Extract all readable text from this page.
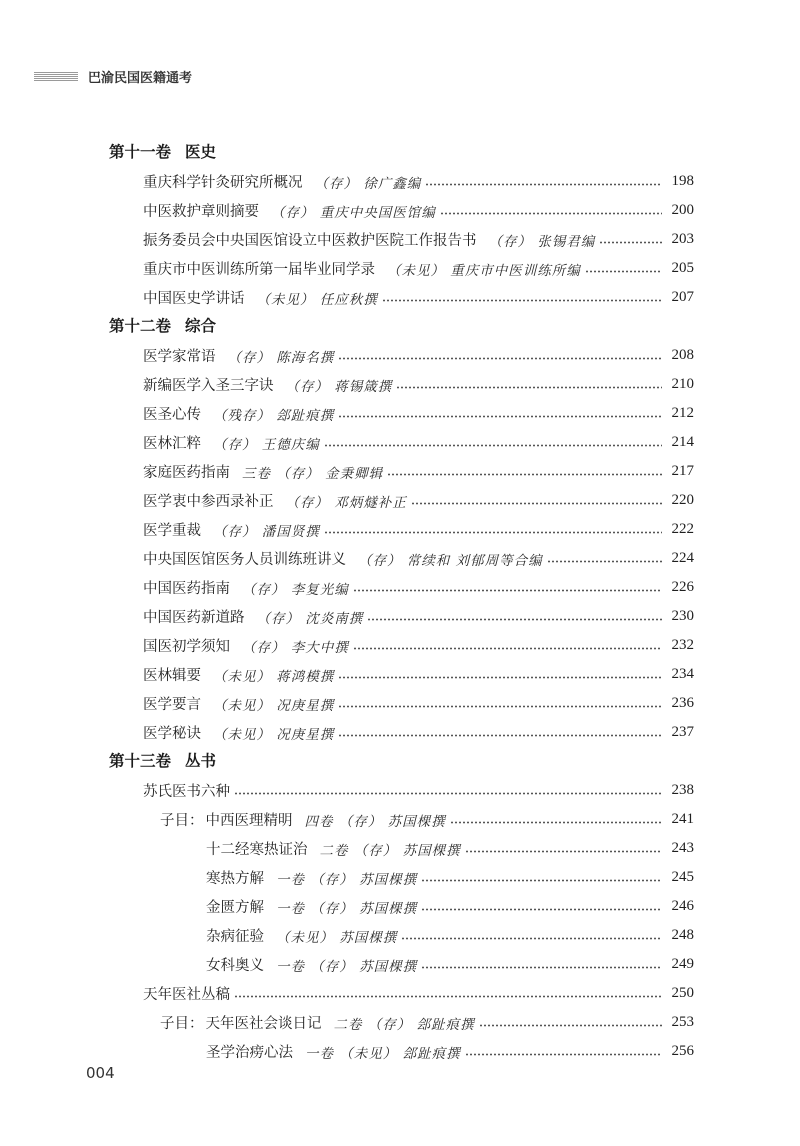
巴渝民国医籍通考
第十一卷 医史
重庆科学针灸研究所概况 （存） 徐广鑫编	198
中医救护章则摘要 （存） 重庆中央国医馆编	200
振务委员会中央国医馆设立中医救护医院工作报告书 （存） 张锡君编	203
重庆市中医训练所第一届毕业同学录 （未见） 重庆市中医训练所编	205
中国医史学讲话 （未见） 任应秋撰	207
第十二卷 综合
医学家常语 （存） 陈海名撰	208
新编医学入圣三字诀 （存） 蒋锡箴撰	210
医圣心传 （残存） 郐趾痕撰	212
医林汇粹 （存） 王德庆编	214
家庭医药指南 三卷 （存） 金秉卿辑	217
医学衷中参西录补正 （存） 邓炳燧补正	220
医学重裁 （存） 潘国贤撰	222
中央国医馆医务人员训练班讲义 （存） 常续和 刘郁周等合编	224
中国医药指南 （存） 李复光编	226
中国医药新道路 （存） 沈炎南撰	230
国医初学须知 （存） 李大中撰	232
医林辑要 （未见） 蒋鸿模撰	234
医学要言 （未见） 况庚星撰	236
医学秘诀 （未见） 况庚星撰	237
第十三卷 丛书
苏氏医书六种	238
子目： 中西医理精明 四卷 （存） 苏国棵撰	241
十二经寒热证治 二卷 （存） 苏国棵撰	243
寒热方解 一卷 （存） 苏国棵撰	245
金匮方解 一卷 （存） 苏国棵撰	246
杂病征验 （未见） 苏国棵撰	248
女科奥义 一卷 （存） 苏国棵撰	249
天年医社丛稿	250
子目： 天年医社会谈日记 二卷 （存） 郐趾痕撰	253
圣学治痨心法 一卷 （未见） 郐趾痕撰	256
004
